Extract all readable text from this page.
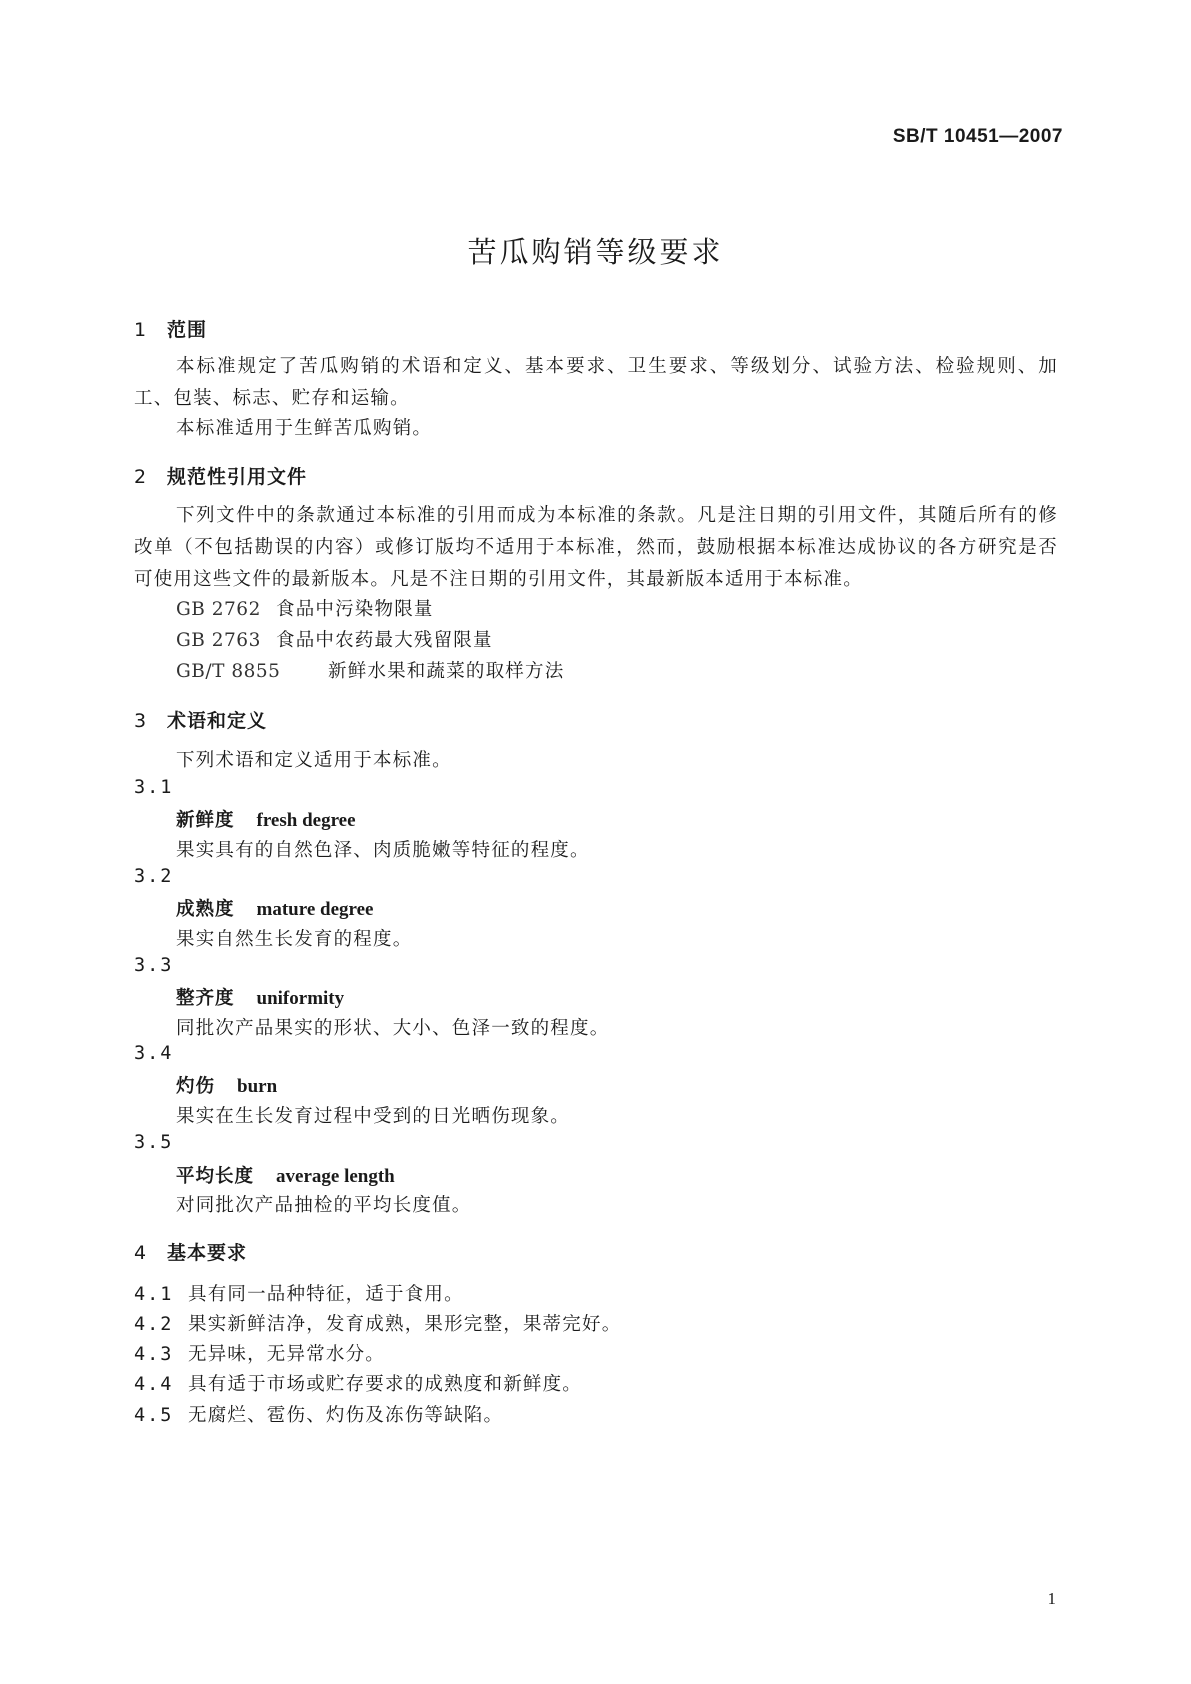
SB/T 10451—2007
苦瓜购销等级要求
1 范围
本标准规定了苦瓜购销的术语和定义、基本要求、卫生要求、等级划分、试验方法、检验规则、加工、包装、标志、贮存和运输。
本标准适用于生鲜苦瓜购销。
2 规范性引用文件
下列文件中的条款通过本标准的引用而成为本标准的条款。凡是注日期的引用文件，其随后所有的修改单（不包括勘误的内容）或修订版均不适用于本标准，然而，鼓励根据本标准达成协议的各方研究是否可使用这些文件的最新版本。凡是不注日期的引用文件，其最新版本适用于本标准。
GB 2762 食品中污染物限量
GB 2763 食品中农药最大残留限量
GB/T 8855	新鲜水果和蔬菜的取样方法
3 术语和定义
下列术语和定义适用于本标准。
3.1
新鲜度 fresh degree
果实具有的自然色泽、肉质脆嫩等特征的程度。
3.2
成熟度 mature degree
果实自然生长发育的程度。
3.3
整齐度 uniformity
同批次产品果实的形状、大小、色泽一致的程度。
3.4
灼伤 burn
果实在生长发育过程中受到的日光晒伤现象。
3.5
平均长度 average length
对同批次产品抽检的平均长度值。
4 基本要求
4.1 具有同一品种特征，适于食用。
4.2 果实新鲜洁净，发育成熟，果形完整，果蒂完好。
4.3 无异味，无异常水分。
4.4 具有适于市场或贮存要求的成熟度和新鲜度。
4.5 无腐烂、雹伤、灼伤及冻伤等缺陷。
1
